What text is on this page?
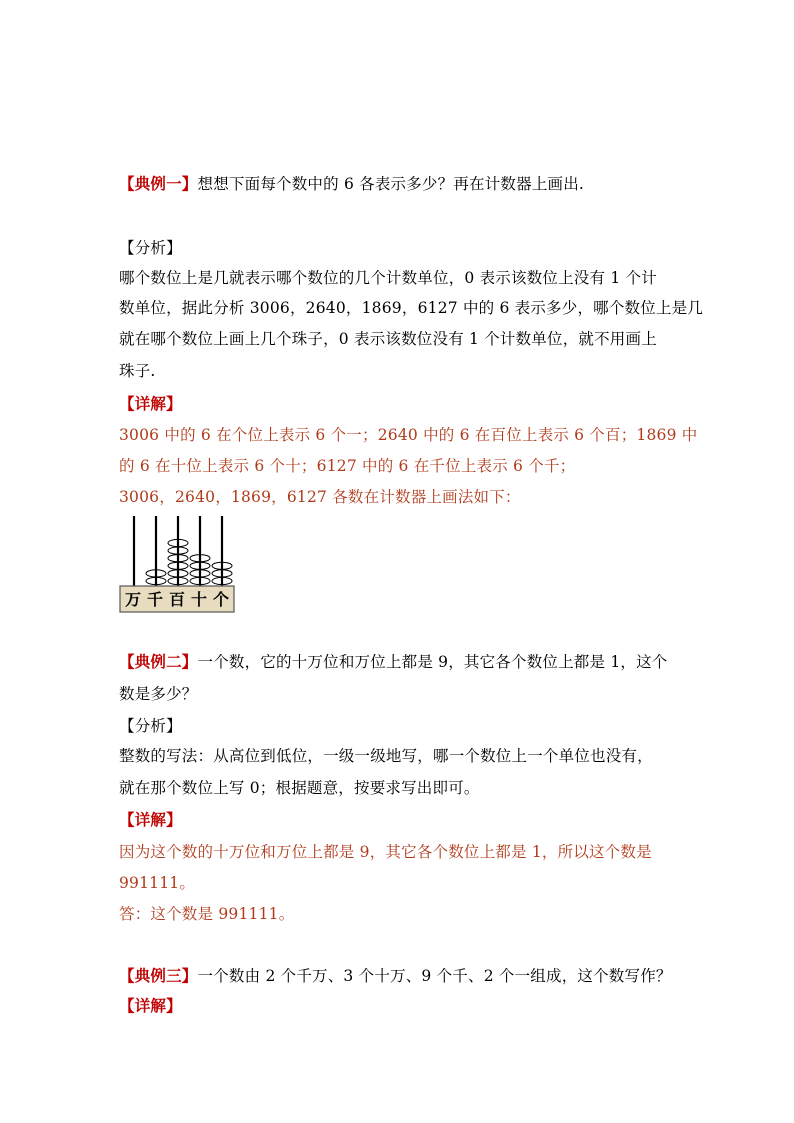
【典例一】想想下面每个数中的 6 各表示多少？再在计数器上画出.
【分析】
哪个数位上是几就表示哪个数位的几个计数单位，0 表示该数位上没有 1 个计
数单位，据此分析 3006，2640，1869，6127 中的 6 表示多少，哪个数位上是几
就在哪个数位上画上几个珠子，0 表示该数位没有 1 个计数单位，就不用画上
珠子.
【详解】
3006 中的 6 在个位上表示 6 个一；2640 中的 6 在百位上表示 6 个百；1869 中
的 6 在十位上表示 6 个十；6127 中的 6 在千位上表示 6 个千；
3006，2640，1869，6127 各数在计数器上画法如下：
万 千 百 十 个
【典例二】一个数，它的十万位和万位上都是 9，其它各个数位上都是 1，这个
数是多少？
【分析】
整数的写法：从高位到低位，一级一级地写，哪一个数位上一个单位也没有，
就在那个数位上写 0；根据题意，按要求写出即可。
【详解】
因为这个数的十万位和万位上都是 9，其它各个数位上都是 1，所以这个数是
991111。
答：这个数是 991111。
【典例三】一个数由 2 个千万、3 个十万、9 个千、2 个一组成，这个数写作？
【详解】
